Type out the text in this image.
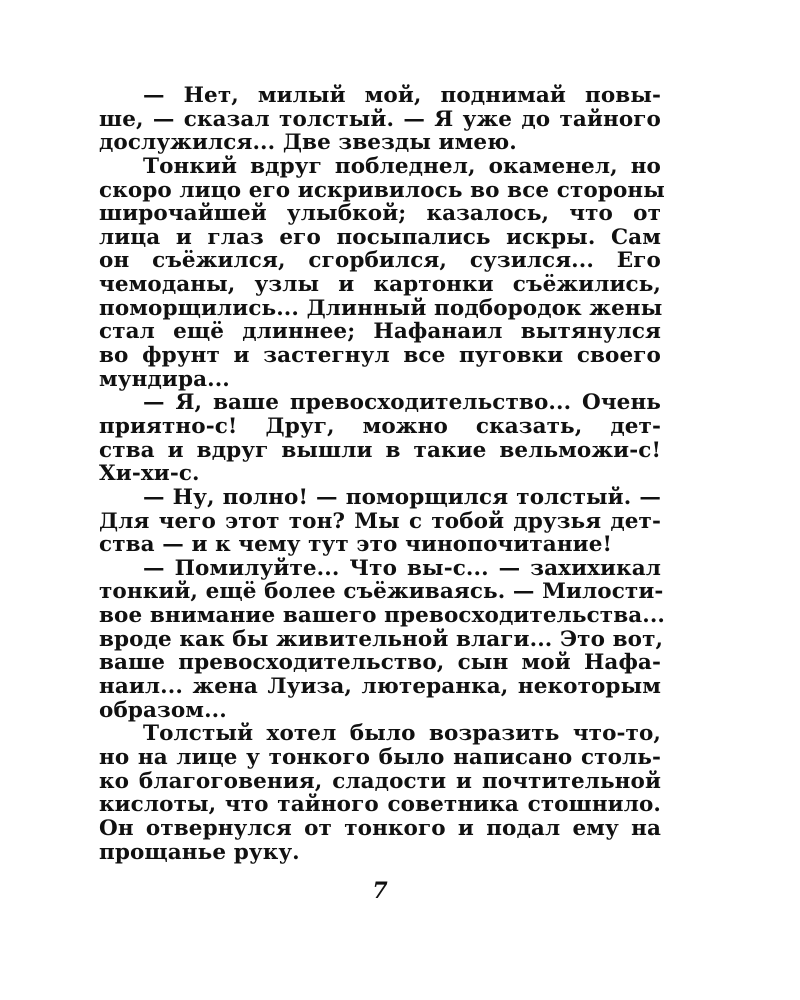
— Нет, милый мой, поднимай повы-
ше, — сказал толстый. — Я уже до тайного
дослужился... Две звезды имею.
Тонкий вдруг побледнел, окаменел, но
скоро лицо его искривилось во все стороны
широчайшей улыбкой; казалось, что от
лица и глаз его посыпались искры. Сам
он съёжился, сгорбился, сузился... Его
чемоданы, узлы и картонки съёжились,
поморщились... Длинный подбородок жены
стал ещё длиннее; Нафанаил вытянулся
во фрунт и застегнул все пуговки своего
мундира...
— Я, ваше превосходительство... Очень
приятно-с! Друг, можно сказать, дет-
ства и вдруг вышли в такие вельможи-с!
Хи-хи-с.
— Ну, полно! — поморщился толстый. —
Для чего этот тон? Мы с тобой друзья дет-
ства — и к чему тут это чинопочитание!
— Помилуйте... Что вы-с... — захихикал
тонкий, ещё более съёживаясь. — Милости-
вое внимание вашего превосходительства...
вроде как бы живительной влаги... Это вот,
ваше превосходительство, сын мой Нафа-
наил... жена Луиза, лютеранка, некоторым
образом...
Толстый хотел было возразить что-то,
но на лице у тонкого было написано столь-
ко благоговения, сладости и почтительной
кислоты, что тайного советника стошнило.
Он отвернулся от тонкого и подал ему на
прощанье руку.
7
